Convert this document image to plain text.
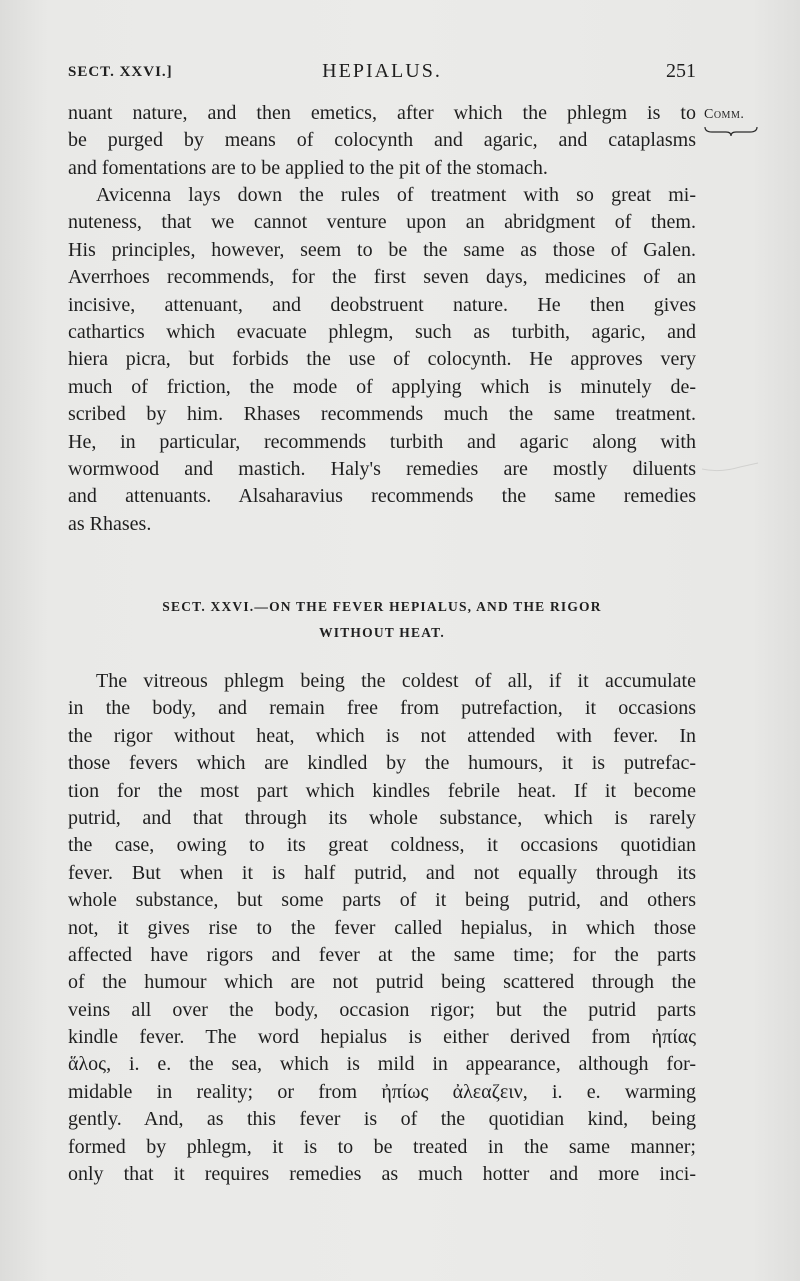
SECT. XXVI.]	HEPIALUS.	251
Comm.
nuant nature, and then emetics, after which the phlegm is to
be purged by means of colocynth and agaric, and cataplasms
and fomentations are to be applied to the pit of the stomach.
Avicenna lays down the rules of treatment with so great mi-
nuteness, that we cannot venture upon an abridgment of them.
His principles, however, seem to be the same as those of Galen.
Averrhoes recommends, for the first seven days, medicines of an
incisive, attenuant, and deobstruent nature. He then gives
cathartics which evacuate phlegm, such as turbith, agaric, and
hiera picra, but forbids the use of colocynth. He approves very
much of friction, the mode of applying which is minutely de-
scribed by him. Rhases recommends much the same treatment.
He, in particular, recommends turbith and agaric along with
wormwood and mastich. Haly's remedies are mostly diluents
and attenuants. Alsaharavius recommends the same remedies
as Rhases.
SECT. XXVI.—ON THE FEVER HEPIALUS, AND THE RIGOR
WITHOUT HEAT.
The vitreous phlegm being the coldest of all, if it accumulate
in the body, and remain free from putrefaction, it occasions
the rigor without heat, which is not attended with fever. In
those fevers which are kindled by the humours, it is putrefac-
tion for the most part which kindles febrile heat. If it become
putrid, and that through its whole substance, which is rarely
the case, owing to its great coldness, it occasions quotidian
fever. But when it is half putrid, and not equally through its
whole substance, but some parts of it being putrid, and others
not, it gives rise to the fever called hepialus, in which those
affected have rigors and fever at the same time; for the parts
of the humour which are not putrid being scattered through the
veins all over the body, occasion rigor; but the putrid parts
kindle fever. The word hepialus is either derived from ἠπίας
ἅλος, i. e. the sea, which is mild in appearance, although for-
midable in reality; or from ἠπίως ἀλεαζειν, i. e. warming
gently. And, as this fever is of the quotidian kind, being
formed by phlegm, it is to be treated in the same manner;
only that it requires remedies as much hotter and more inci-
